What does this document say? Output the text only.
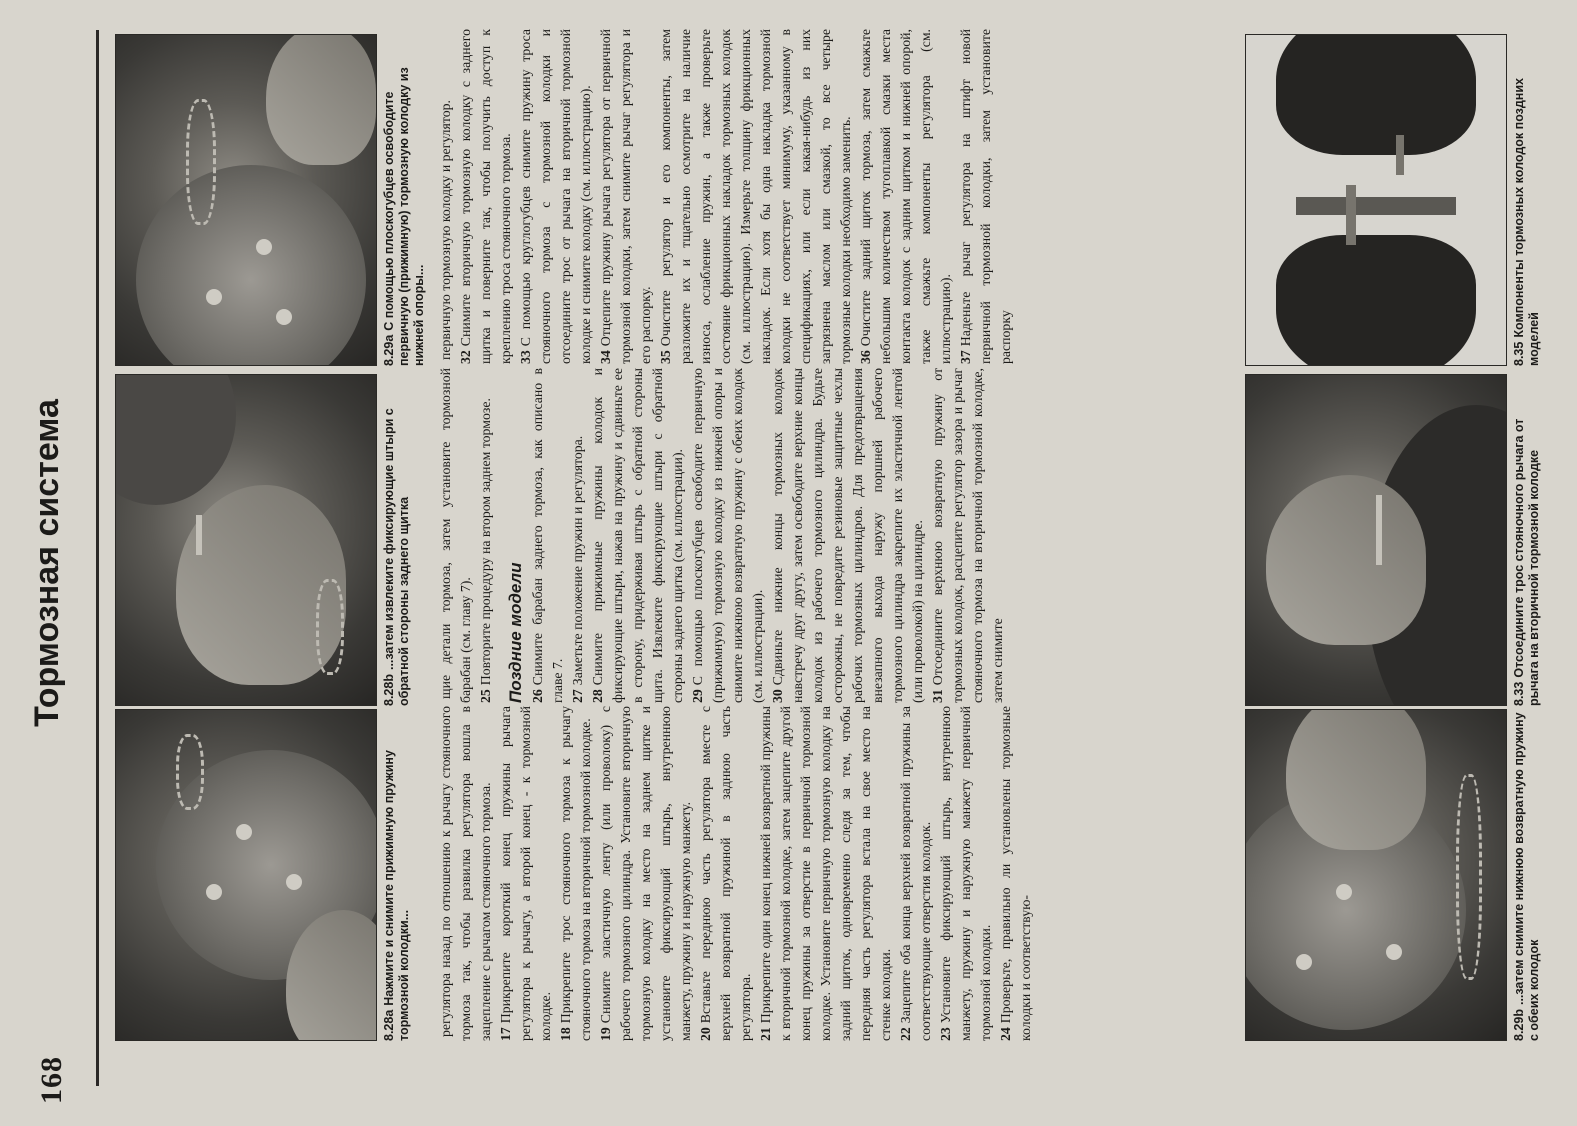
168
Тормозная система
8.28aНажмите и снимите прижимную пружину тормозной колодки...
8.28b...затем извлеките фиксирующие штыри с обратной стороны заднего щитка
8.29aС помощью плоскогубцев освободите первичную (прижимную) тормозную колодку из нижней опоры...

регулятора назад по отношению к рычагу стояночного тормоза так, чтобы развилка регулятора вошла в зацепление с рычагом стояночного тормоза. 17Прикрепите короткий конец пружины рычага регулятора к рычагу, а второй конец - к тормозной колодке. 18Прикрепите трос стояночного тормоза к рычагу стояночного тормоза на вторичной тормозной колодке. 19Снимите эластичную ленту (или проволоку) с рабочего тормозного цилиндра. Установите вторичную тормозную колодку на место на заднем щитке и установите фиксирующий штырь, внутреннюю манжету, пружину и наружную манжету. 20Вставьте переднюю часть регулятора вместе с верхней возвратной пружиной в заднюю часть регулятора. 21Прикрепите один конец нижней возвратной пружины к вторичной тормозной колодке, затем зацепите другой конец пружины за отверстие в первичной тормозной колодке. Установите первичную тормозную колодку на задний щиток, одновременно следя за тем, чтобы передняя часть регулятора встала на свое место на стенке колодки. 22Зацепите оба конца верхней возвратной пружины за соответствующие отверстия колодок. 23Установите фиксирующий штырь, внутреннюю манжету, пружину и наружную манжету первичной тормозной колодки. 24Проверьте, правильно ли установлены тормозные колодки и соответствую-

щие детали тормоза, затем установите тормозной барабан (см. главу 7). 25Повторите процедуру на втором заднем тормозе. Поздние модели 26Снимите барабан заднего тормоза, как описано в главе 7. 27Заметьте положение пружин и регулятора.

28Снимите прижимные пружины колодок и фиксирующие штыри, нажав на пружину и сдвиньте ее в сторону, придерживая штырь с обратной стороны щита. Извлеките фиксирующие штыри с обратной стороны заднего щитка (см. иллюстрации). 29С помощью плоскогубцев освободите первичную (прижимную) тормозную колодку из нижней опоры и снимите нижнюю возвратную пружину с обеих колодок (см. иллюстрации). 30Сдвиньте нижние концы тормозных колодок навстречу друг другу, затем освободите верхние концы колодок из рабочего тормозного цилиндра. Будьте осторожны, не повредите резиновые защитные чехлы рабочих тормозных цилиндров. Для предотвращения внезапного выхода наружу поршней рабочего тормозного цилиндра закрепите их эластичной лентой (или проволокой) на цилиндре. 31Отсоедините верхнюю возвратную пружину от тормозных колодок, расцепите регулятор зазора и рычаг стояночного тормоза на вторичной тормозной колодке, затем снимите

первичную тормозную колодку и регулятор. 32Снимите вторичную тормозную колодку с заднего щитка и поверните так, чтобы получить доступ к креплению троса стояночного тормоза. 33С помощью круглогубцев снимите пружину троса стояночного тормоза с тормозной колодки и отсоедините трос от рычага на вторичной тормозной колодке и снимите колодку (см. иллюстрацию). 34Отцепите пружину рычага регулятора от первичной тормозной колодки, затем снимите рычаг регулятора и его распорку. 35Очистите регулятор и его компоненты, затем разложите их и тщательно осмотрите на наличие износа, ослабление пружин, а также проверьте состояние фрикционных накладок тормозных колодок (см. иллюстрацию). Измерьте толщину фрикционных накладок. Если хотя бы одна накладка тормозной колодки не соответствует минимуму, указанному в спецификациях, или если какая-нибудь из них загрязнена маслом или смазкой, то все четыре тормозные колодки необходимо заменить. 36Очистите задний щиток тормоза, затем смажьте небольшим количеством тугоплавкой смазки места контакта колодок с задним щитком и нижней опорой, также смажьте компоненты регулятора (см. иллюстрацию). 37Наденьте рычаг регулятора на штифт новой первичной тормозной колодки, затем установите распорку

8.29b...затем снимите нижнюю возвратную пружину с обеих колодок
8.33Отсоедините трос стояночного рычага от рычага на вторичной тормозной колодке
8.35Компоненты тормозных колодок поздних моделей
